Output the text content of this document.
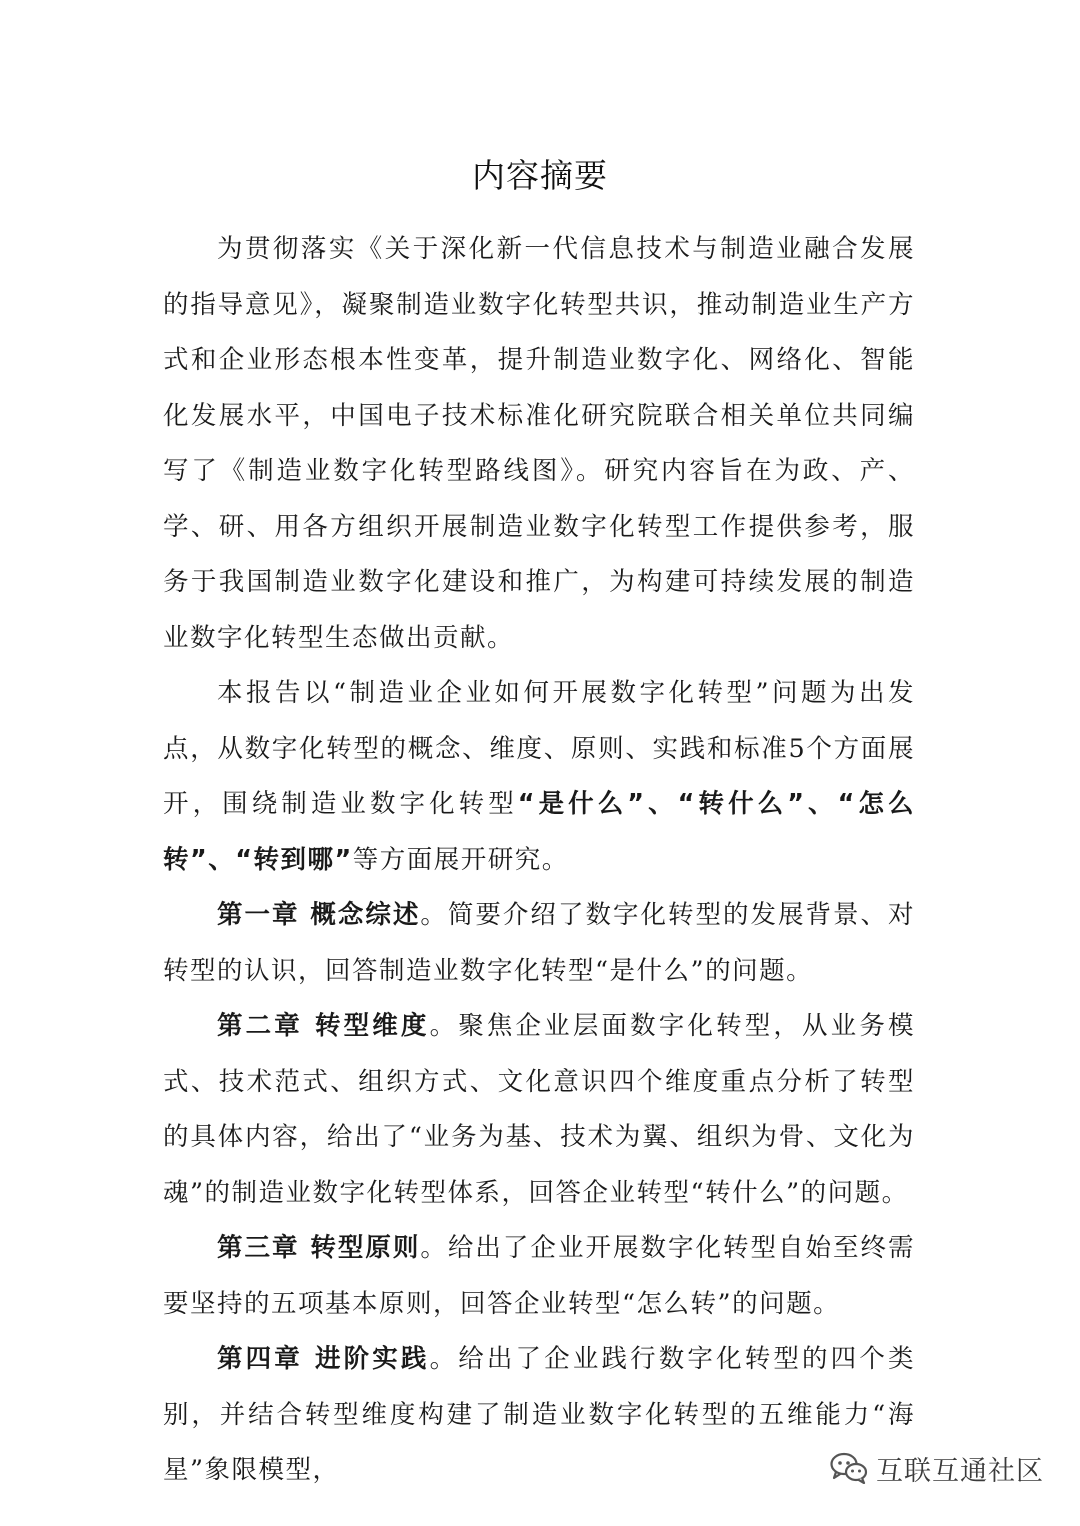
内容摘要

为贯彻落实《关于深化新一代信息技术与制造业融合发展的指导意见》，凝聚制造业数字化转型共识，推动制造业生产方式和企业形态根本性变革，提升制造业数字化、网络化、智能化发展水平，中国电子技术标准化研究院联合相关单位共同编写了《制造业数字化转型路线图》。研究内容旨在为政、产、学、研、用各方组织开展制造业数字化转型工作提供参考，服务于我国制造业数字化建设和推广，为构建可持续发展的制造业数字化转型生态做出贡献。

本报告以“制造业企业如何开展数字化转型”问题为出发点，从数字化转型的概念、维度、原则、实践和标准5个方面展开，围绕制造业数字化转型“是什么”、“转什么”、“怎么转”、“转到哪”等方面展开研究。

第一章 概念综述。简要介绍了数字化转型的发展背景、对转型的认识，回答制造业数字化转型“是什么”的问题。

第二章 转型维度。聚焦企业层面数字化转型，从业务模式、技术范式、组织方式、文化意识四个维度重点分析了转型的具体内容，给出了“业务为基、技术为翼、组织为骨、文化为魂”的制造业数字化转型体系，回答企业转型“转什么”的问题。

第三章 转型原则。给出了企业开展数字化转型自始至终需要坚持的五项基本原则，回答企业转型“怎么转”的问题。

第四章 进阶实践。给出了企业践行数字化转型的四个类别，并结合转型维度构建了制造业数字化转型的五维能力“海星”象限模型，	互联互通社区
